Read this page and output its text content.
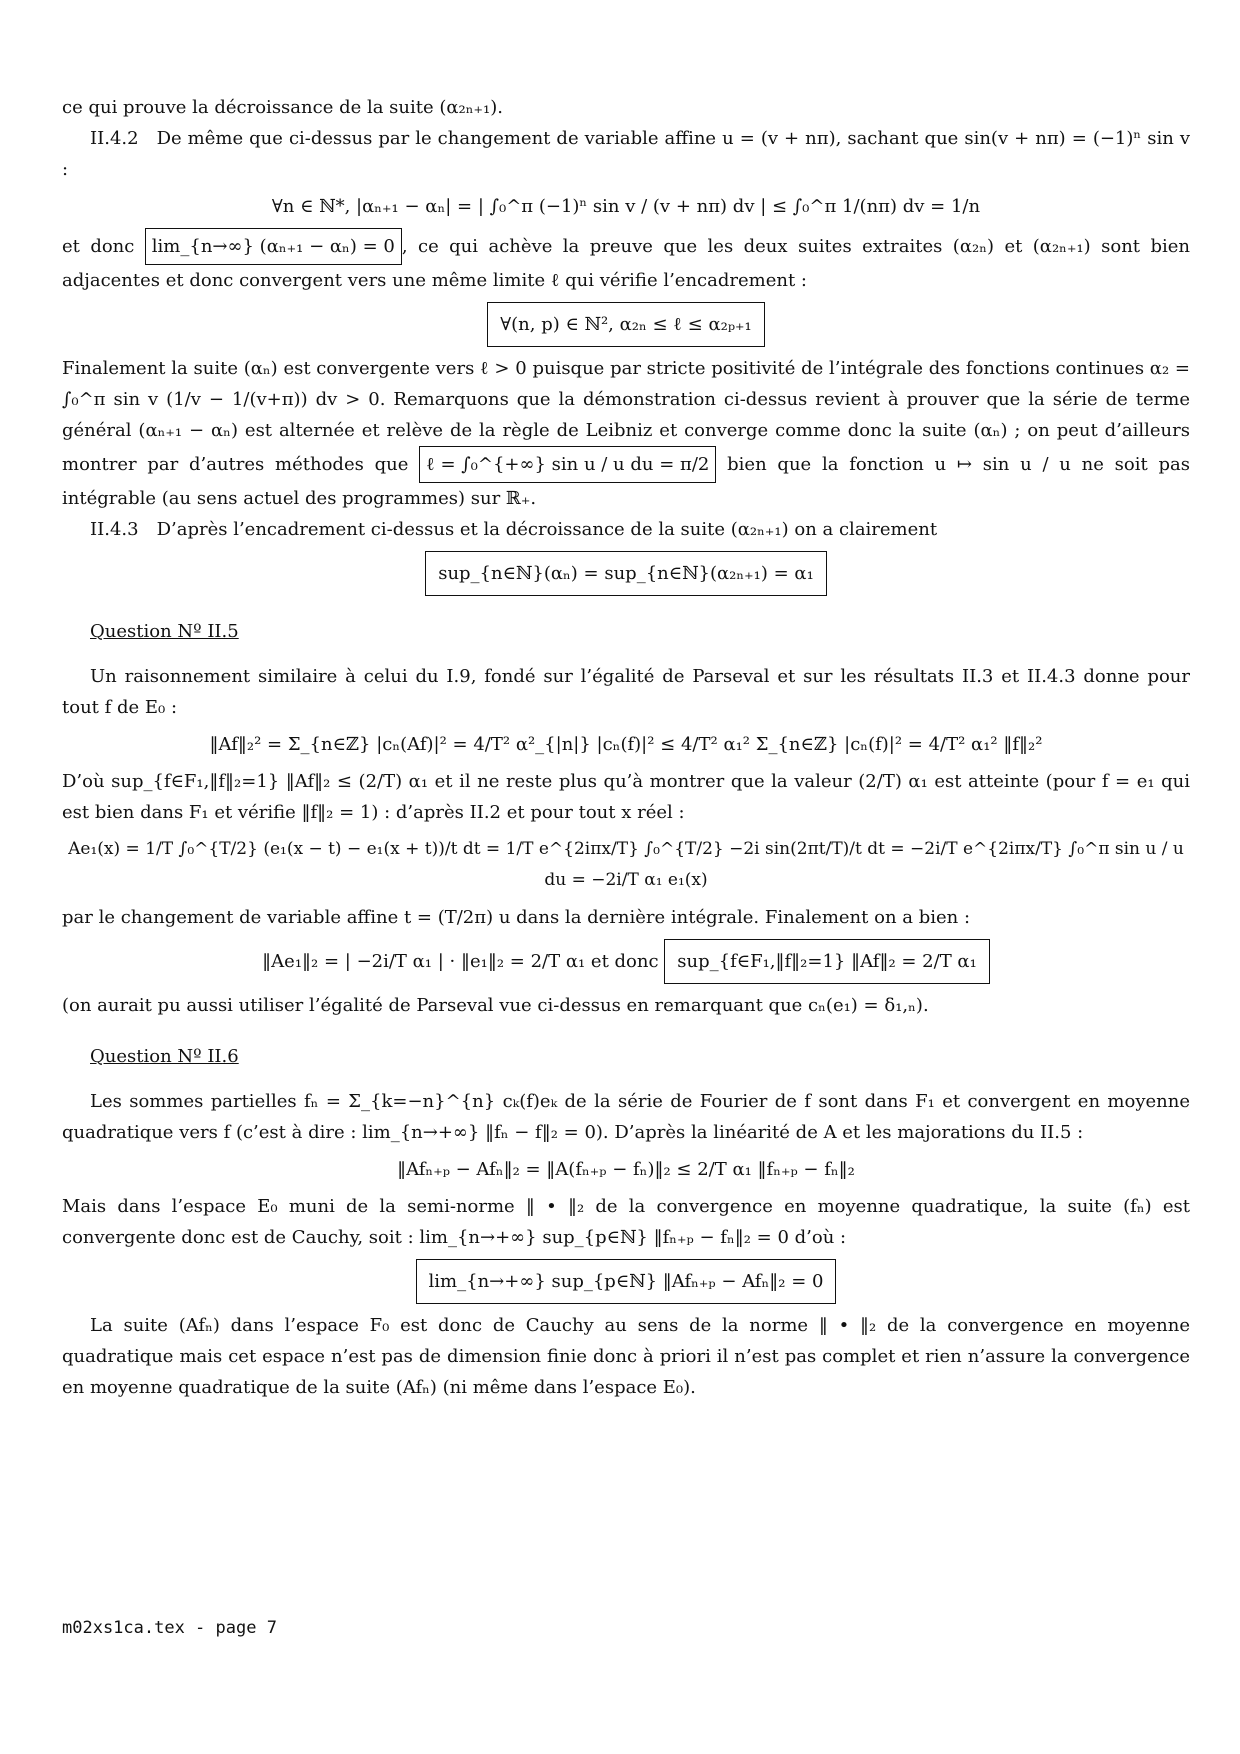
ce qui prouve la décroissance de la suite (α₂ₙ₊₁).

II.4.2 De même que ci-dessus par le changement de variable affine u = (v + nπ), sachant que sin(v + nπ) = (−1)ⁿ sin v :

∀n ∈ ℕ*, |αₙ₊₁ − αₙ| = | ∫₀^π (−1)ⁿ sin v / (v + nπ) dv | ≤ ∫₀^π 1/(nπ) dv = 1/n

et donc lim_{n→∞} (αₙ₊₁ − αₙ) = 0 , ce qui achève la preuve que les deux suites extraites (α₂ₙ) et (α₂ₙ₊₁) sont bien adjacentes et donc convergent vers une même limite ℓ qui vérifie l’encadrement :

∀(n, p) ∈ ℕ², α₂ₙ ≤ ℓ ≤ α₂ₚ₊₁

Finalement la suite (αₙ) est convergente vers ℓ > 0 puisque par stricte positivité de l’intégrale des fonctions continues α₂ = ∫₀^π sin v (1/v − 1/(v+π)) dv > 0. Remarquons que la démonstration ci-dessus revient à prouver que la série de terme général (αₙ₊₁ − αₙ) est alternée et relève de la règle de Leibniz et converge comme donc la suite (αₙ) ; on peut d’ailleurs montrer par d’autres méthodes que ℓ = ∫₀^{+∞} sin u / u du = π/2 bien que la fonction u ↦ sin u / u ne soit pas intégrable (au sens actuel des programmes) sur ℝ₊.

II.4.3 D’après l’encadrement ci-dessus et la décroissance de la suite (α₂ₙ₊₁) on a clairement

sup_{n∈ℕ}(αₙ) = sup_{n∈ℕ}(α₂ₙ₊₁) = α₁
Question Nº II.5

Un raisonnement similaire à celui du I.9, fondé sur l’égalité de Parseval et sur les résultats II.3 et II.4.3 donne pour tout f de E₀ :

‖Af‖₂² = Σ_{n∈ℤ} |cₙ(Af)|² = 4/T² α²_{|n|} |cₙ(f)|² ≤ 4/T² α₁² Σ_{n∈ℤ} |cₙ(f)|² = 4/T² α₁² ‖f‖₂²

D’où sup_{f∈F₁,‖f‖₂=1} ‖Af‖₂ ≤ (2/T) α₁ et il ne reste plus qu’à montrer que la valeur (2/T) α₁ est atteinte (pour f = e₁ qui est bien dans F₁ et vérifie ‖f‖₂ = 1) : d’après II.2 et pour tout x réel :

Ae₁(x) = 1/T ∫₀^{T/2} (e₁(x − t) − e₁(x + t))/t dt = 1/T e^{2iπx/T} ∫₀^{T/2} −2i sin(2πt/T)/t dt = −2i/T e^{2iπx/T} ∫₀^π sin u / u du = −2i/T α₁ e₁(x)

par le changement de variable affine t = (T/2π) u dans la dernière intégrale. Finalement on a bien :

‖Ae₁‖₂ = | −2i/T α₁ | · ‖e₁‖₂ = 2/T α₁ et donc sup_{f∈F₁,‖f‖₂=1} ‖Af‖₂ = 2/T α₁

(on aurait pu aussi utiliser l’égalité de Parseval vue ci-dessus en remarquant que cₙ(e₁) = δ₁,ₙ).

Question Nº II.6

Les sommes partielles fₙ = Σ_{k=−n}^{n} cₖ(f)eₖ de la série de Fourier de f sont dans F₁ et convergent en moyenne quadratique vers f (c’est à dire : lim_{n→+∞} ‖fₙ − f‖₂ = 0). D’après la linéarité de A et les majorations du II.5 :

‖Afₙ₊ₚ − Afₙ‖₂ = ‖A(fₙ₊ₚ − fₙ)‖₂ ≤ 2/T α₁ ‖fₙ₊ₚ − fₙ‖₂

Mais dans l’espace E₀ muni de la semi-norme ‖ • ‖₂ de la convergence en moyenne quadratique, la suite (fₙ) est convergente donc est de Cauchy, soit : lim_{n→+∞} sup_{p∈ℕ} ‖fₙ₊ₚ − fₙ‖₂ = 0 d’où :

lim_{n→+∞} sup_{p∈ℕ} ‖Afₙ₊ₚ − Afₙ‖₂ = 0

La suite (Afₙ) dans l’espace F₀ est donc de Cauchy au sens de la norme ‖ • ‖₂ de la convergence en moyenne quadratique mais cet espace n’est pas de dimension finie donc à priori il n’est pas complet et rien n’assure la convergence en moyenne quadratique de la suite (Afₙ) (ni même dans l’espace E₀).

m02xs1ca.tex - page 7
